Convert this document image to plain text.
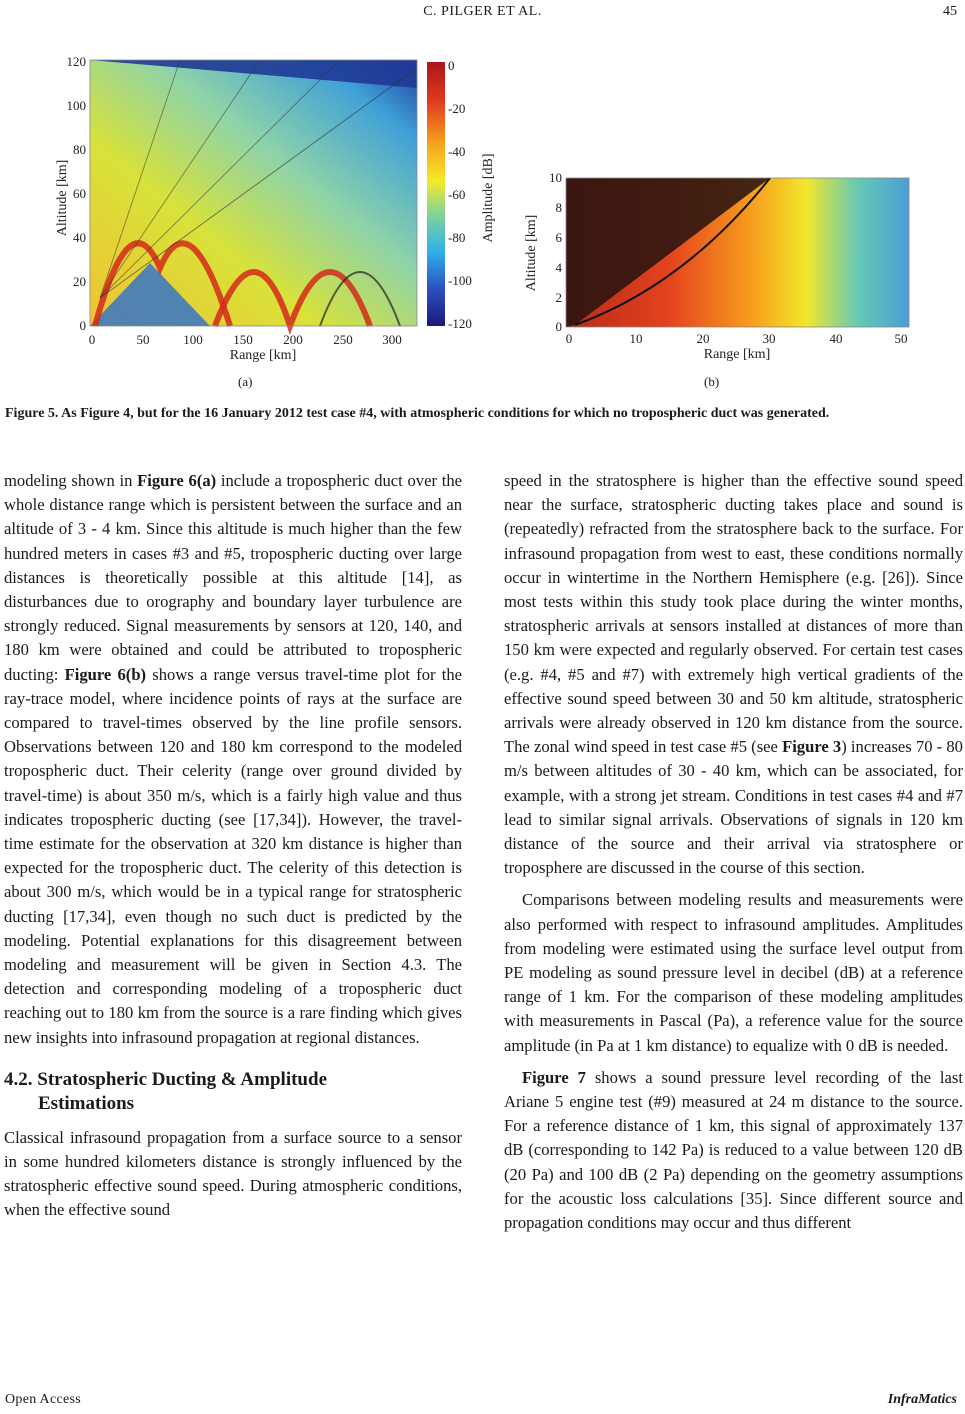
C. PILGER ET AL.	45
120
100
80
60
40
20
0
0	50	100 150 200 250 300
Range [km]
Altitude [km]
0
-20
-40
-60
-80
-100
-120
Amplitude [dB]	10
8
6
4
2
0
0	10	20	30	40	50
Range [km]
Altitude [km]
(a)	(b)
Figure 5. As Figure 4, but for the 16 January 2012 test case #4, with atmospheric conditions for which no tropospheric duct was generated.

modeling shown in Figure 6(a) include a tropospheric duct over the whole distance range which is persistent between the surface and an altitude of 3 - 4 km. Since this altitude is much higher than the few hundred meters in cases #3 and #5, tropospheric ducting over large distances is theoretically possible at this altitude [14], as disturbances due to orography and boundary layer turbulence are strongly reduced. Signal measurements by sensors at 120, 140, and 180 km were obtained and could be attributed to tropospheric ducting: Figure 6(b) shows a range versus travel-time plot for the ray-trace model, where incidence points of rays at the surface are compared to travel-times observed by the line profile sensors. Observations between 120 and 180 km correspond to the modeled tropospheric duct. Their celerity (range over ground divided by travel-time) is about 350 m/s, which is a fairly high value and thus indicates tropospheric ducting (see [17,34]). However, the travel-time estimate for the observation at 320 km distance is higher than expected for the tropospheric duct. The celerity of this detection is about 300 m/s, which would be in a typical range for stratospheric ducting [17,34], even though no such duct is predicted by the modeling. Potential explanations for this disagreement between modeling and measurement will be given in Section 4.3. The detection and corresponding modeling of a tropospheric duct reaching out to 180 km from the source is a rare finding which gives new insights into infrasound propagation at regional distances.

4.2. Stratospheric Ducting & Amplitude
Estimations

Classical infrasound propagation from a surface source to a sensor in some hundred kilometers distance is strongly influenced by the stratospheric effective sound speed. During atmospheric conditions, when the effective sound

speed in the stratosphere is higher than the effective sound speed near the surface, stratospheric ducting takes place and sound is (repeatedly) refracted from the stratosphere back to the surface. For infrasound propagation from west to east, these conditions normally occur in wintertime in the Northern Hemisphere (e.g. [26]). Since most tests within this study took place during the winter months, stratospheric arrivals at sensors installed at distances of more than 150 km were expected and regularly observed. For certain test cases (e.g. #4, #5 and #7) with extremely high vertical gradients of the effective sound speed between 30 and 50 km altitude, stratospheric arrivals were already observed in 120 km distance from the source. The zonal wind speed in test case #5 (see Figure 3) increases 70 - 80 m/s between altitudes of 30 - 40 km, which can be associated, for example, with a strong jet stream. Conditions in test cases #4 and #7 lead to similar signal arrivals. Observations of signals in 120 km distance of the source and their arrival via stratosphere or troposphere are discussed in the course of this section.

Comparisons between modeling results and measurements were also performed with respect to infrasound amplitudes. Amplitudes from modeling were estimated using the surface level output from PE modeling as sound pressure level in decibel (dB) at a reference range of 1 km. For the comparison of these modeling amplitudes with measurements in Pascal (Pa), a reference value for the source amplitude (in Pa at 1 km distance) to equalize with 0 dB is needed.

Figure 7 shows a sound pressure level recording of the last Ariane 5 engine test (#9) measured at 24 m distance to the source. For a reference distance of 1 km, this signal of approximately 137 dB (corresponding to 142 Pa) is reduced to a value between 120 dB (20 Pa) and 100 dB (2 Pa) depending on the geometry assumptions for the acoustic loss calculations [35]. Since different source and propagation conditions may occur and thus different

Open Access	InfraMatics
